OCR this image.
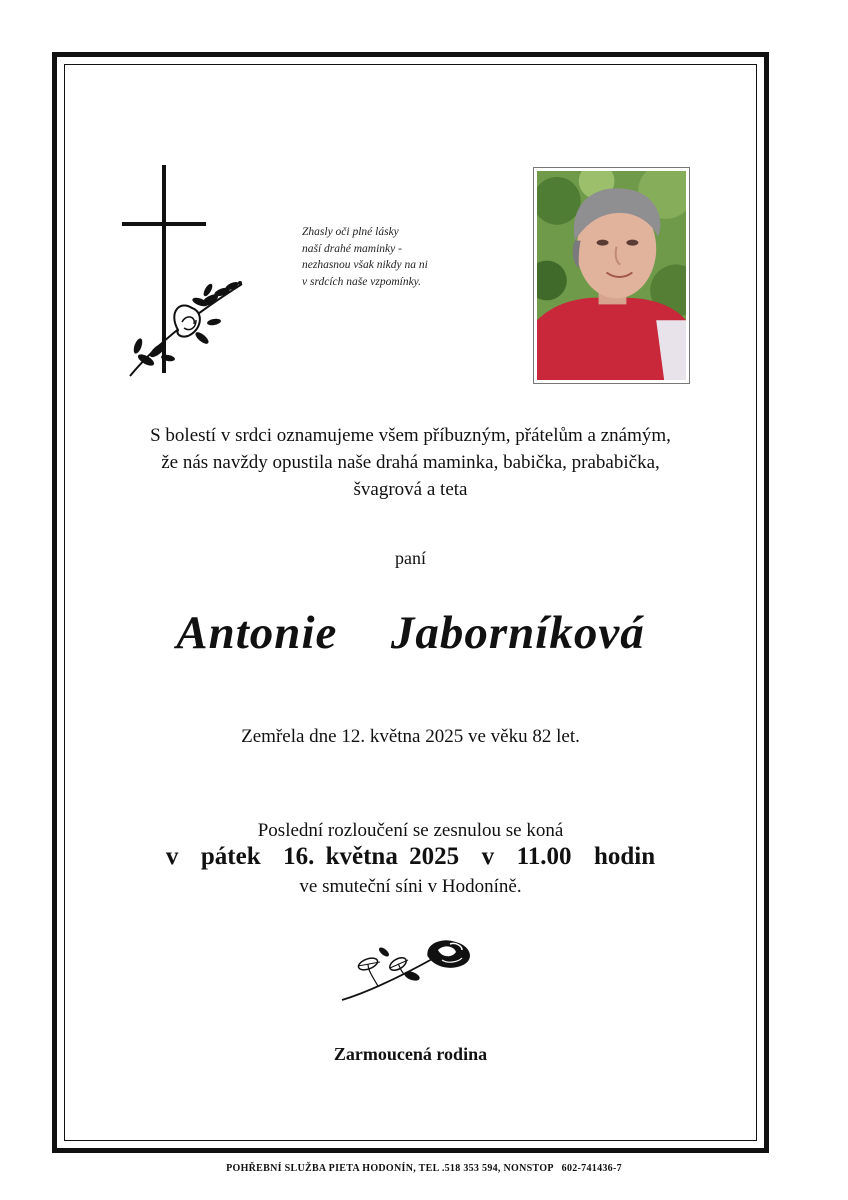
Zhasly oči plné lásky
naší drahé maminky -
nezhasnou však nikdy na ni
v srdcích naše vzpomínky.
S bolestí v srdci oznamujeme všem příbuzným, přátelům a známým,
že nás navždy opustila naše drahá maminka, babička, prababička,
švagrová a teta
paní
Antonie  Jaborníková
Zemřela dne 12. května 2025 ve věku 82 let.
Poslední rozloučení se zesnulou se koná
v  pátek  16. května 2025  v  11.00  hodin
ve smuteční síni v Hodoníně.
Zarmoucená rodina
POHŘEBNÍ SLUŽBA PIETA HODONÍN, TEL .518 353 594, NONSTOP 602-741436-7
